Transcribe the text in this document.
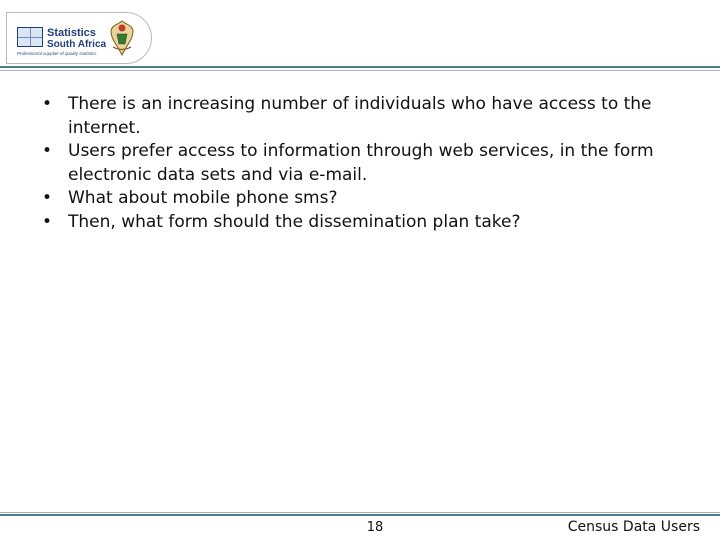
Statistics
South Africa
Professional supplier of quality statistics
• There is an increasing number of individuals who have access to the internet.
• Users prefer access to information through web services, in the form electronic data sets and via e-mail.
• What about mobile phone sms?
• Then, what form should the dissemination plan take?
18	Census Data Users
